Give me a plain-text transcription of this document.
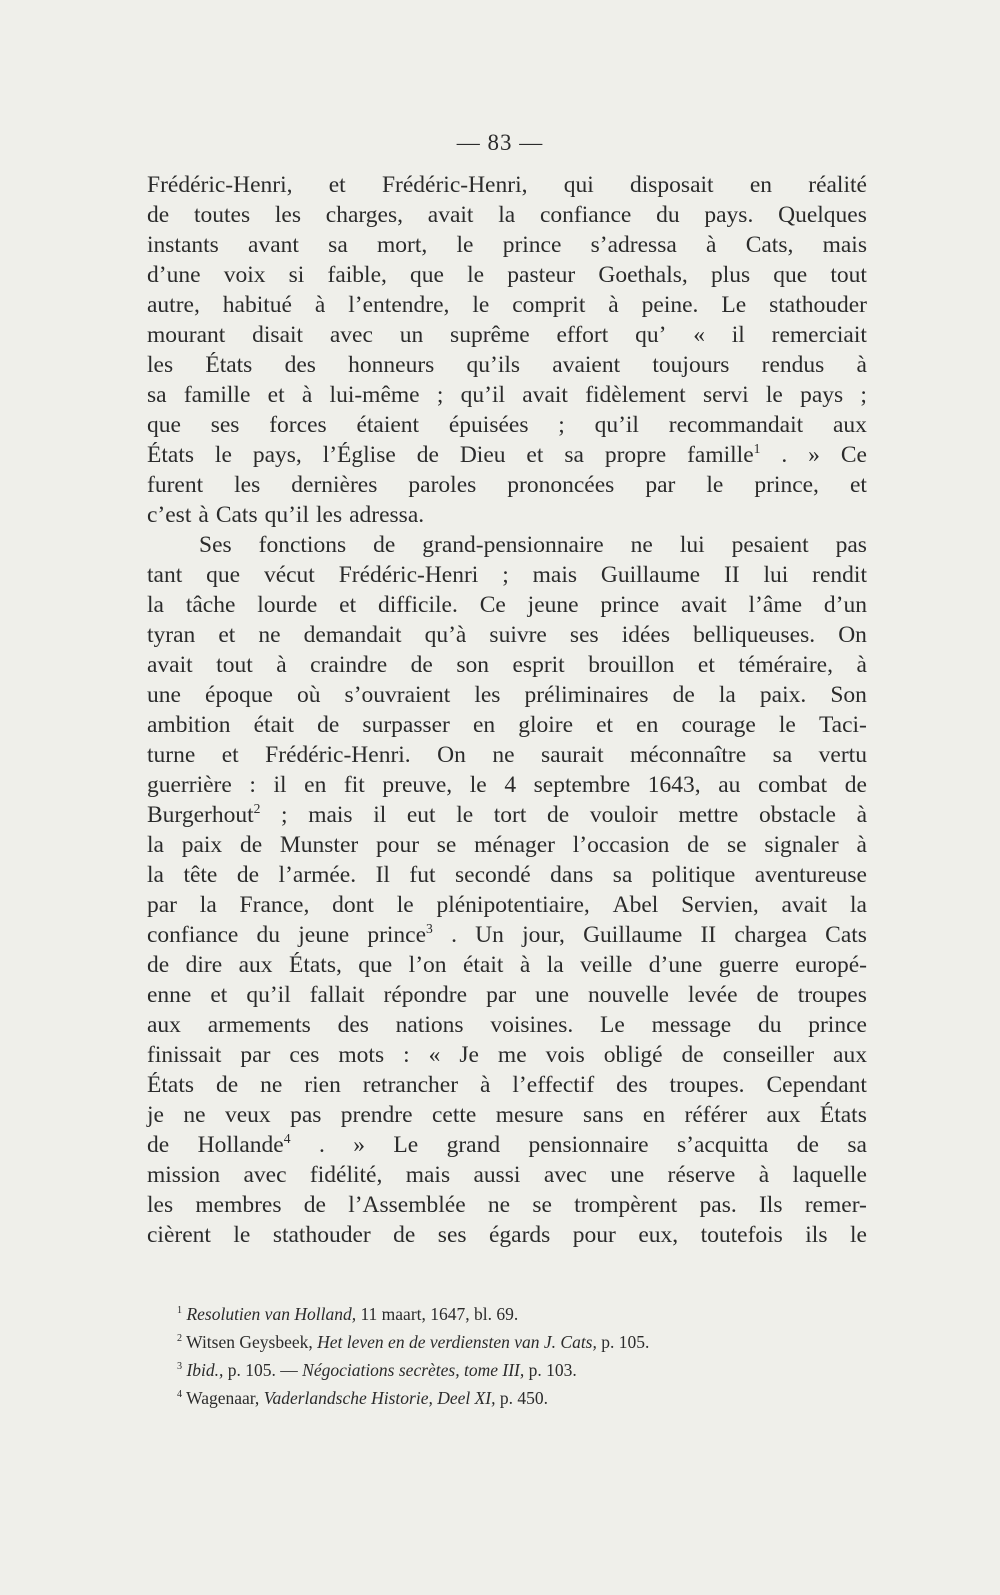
— 83 —
Frédéric-Henri, et Frédéric-Henri, qui disposait en réalité
de toutes les charges, avait la confiance du pays. Quelques
instants avant sa mort, le prince s’adressa à Cats, mais
d’une voix si faible, que le pasteur Goethals, plus que tout
autre, habitué à l’entendre, le comprit à peine. Le stathouder
mourant disait avec un suprême effort qu’ « il remerciait
les États des honneurs qu’ils avaient toujours rendus à
sa famille et à lui-même ; qu’il avait fidèlement servi le pays ;
que ses forces étaient épuisées ; qu’il recommandait aux
États le pays, l’Église de Dieu et sa propre famille$^1$ . » Ce
furent les dernières paroles prononcées par le prince, et
c’est à Cats qu’il les adressa.
Ses fonctions de grand-pensionnaire ne lui pesaient pas
tant que vécut Frédéric-Henri ; mais Guillaume II lui rendit
la tâche lourde et difficile. Ce jeune prince avait l’âme d’un
tyran et ne demandait qu’à suivre ses idées belliqueuses. On
avait tout à craindre de son esprit brouillon et téméraire, à
une époque où s’ouvraient les préliminaires de la paix. Son
ambition était de surpasser en gloire et en courage le Taci-
turne et Frédéric-Henri. On ne saurait méconnaître sa vertu
guerrière : il en fit preuve, le 4 septembre 1643, au combat de
Burgerhout$^2$ ; mais il eut le tort de vouloir mettre obstacle à
la paix de Munster pour se ménager l’occasion de se signaler à
la tête de l’armée. Il fut secondé dans sa politique aventureuse
par la France, dont le plénipotentiaire, Abel Servien, avait la
confiance du jeune prince$^3$ . Un jour, Guillaume II chargea Cats
de dire aux États, que l’on était à la veille d’une guerre europé-
enne et qu’il fallait répondre par une nouvelle levée de troupes
aux armements des nations voisines. Le message du prince
finissait par ces mots : « Je me vois obligé de conseiller aux
États de ne rien retrancher à l’effectif des troupes. Cependant
je ne veux pas prendre cette mesure sans en référer aux États
de Hollande$^4$ . » Le grand pensionnaire s’acquitta de sa
mission avec fidélité, mais aussi avec une réserve à laquelle
les membres de l’Assemblée ne se trompèrent pas. Ils remer-
cièrent le stathouder de ses égards pour eux, toutefois ils le
$^1$ Resolutien van Holland, 11 maart, 1647, bl. 69.
$^2$ Witsen Geysbeek, Het leven en de verdiensten van J. Cats, p. 105.
$^3$ Ibid., p. 105. — Négociations secrètes, tome III, p. 103.
$^4$ Wagenaar, Vaderlandsche Historie, Deel XI, p. 450.
